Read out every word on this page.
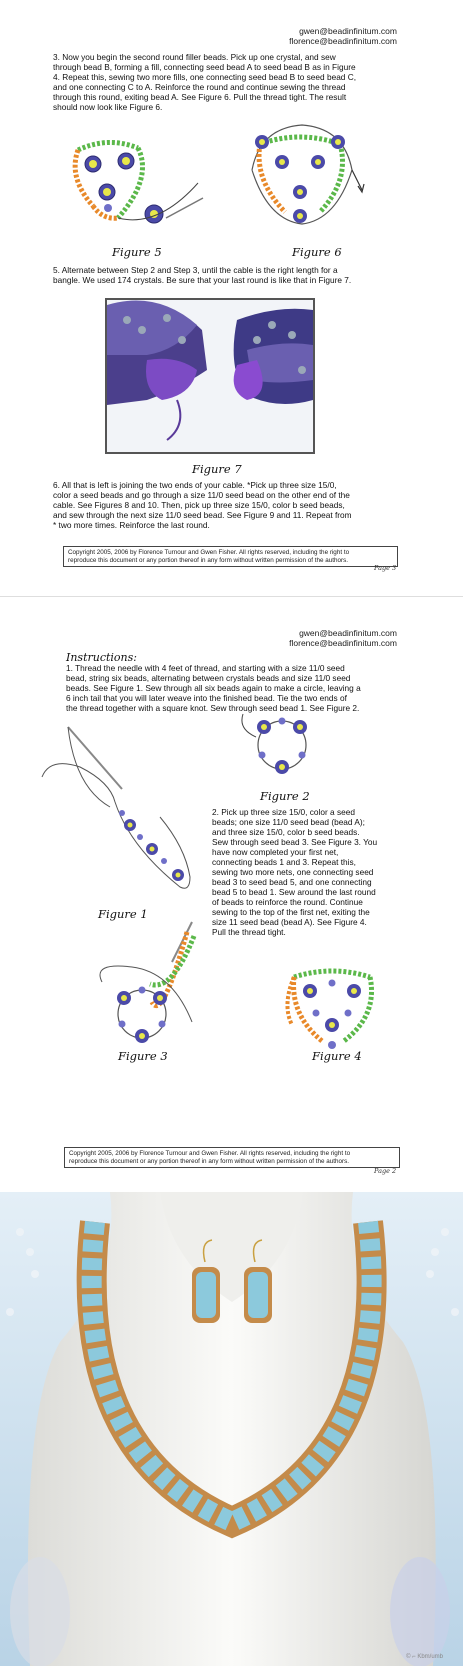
gwen@beadinfinitum.com
florence@beadinfinitum.com
3. Now you begin the second round filler beads. Pick up one crystal, and sew
through bead B, forming a fill, connecting seed bead A to seed bead B as in Figure
4. Repeat this, sewing two more fills, one connecting seed bead B to seed bead C,
and one connecting C to A. Reinforce the round and continue sewing the thread
through this round, exiting bead A. See Figure 6. Pull the thread tight. The result
should now look like Figure 6.
Figure 5	Figure 6
5. Alternate between Step 2 and Step 3, until the cable is the right length for a
bangle. We used 174 crystals. Be sure that your last round is like that in Figure 7.
Figure 7
6. All that is left is joining the two ends of your cable. *Pick up three size 15/0,
color a seed beads and go through a size 11/0 seed bead on the other end of the
cable. See Figures 8 and 10. Then, pick up three size 15/0, color b seed beads,
and sew through the next size 11/0 seed bead. See Figure 9 and 11. Repeat from
* two more times. Reinforce the last round.
Copyright 2005, 2006 by Florence Turnour and Gwen Fisher. All rights reserved, including the right to
reproduce this document or any portion thereof in any form without written permission of the authors.
Page 3
gwen@beadinfinitum.com
florence@beadinfinitum.com
Instructions:
1. Thread the needle with 4 feet of thread, and starting with a size 11/0 seed
bead, string six beads, alternating between crystals beads and size 11/0 seed
beads. See Figure 1. Sew through all six beads again to make a circle, leaving a
6 inch tail that you will later weave into the finished bead. Tie the two ends of
the thread together with a square knot. Sew through seed bead 1. See Figure 2.
Figure 2
2. Pick up three size 15/0, color a seed
beads; one size 11/0 seed bead (bead A);
and three size 15/0, color b seed beads.
Sew through seed bead 3. See Figure 3. You
have now completed your first net,
connecting beads 1 and 3. Repeat this,
sewing two more nets, one connecting seed
bead 3 to seed bead 5, and one connecting
bead 5 to bead 1. Sew around the last round
of beads to reinforce the round. Continue
sewing to the top of the first net, exiting the
size 11 seed bead (bead A). See Figure 4.
Pull the thread tight.
Figure 1
Figure 3	Figure 4
Copyright 2005, 2006 by Florence Turnour and Gwen Fisher. All rights reserved, including the right to
reproduce this document or any portion thereof in any form without written permission of the authors.
Page 2
© ⌐ Kbm/umb
